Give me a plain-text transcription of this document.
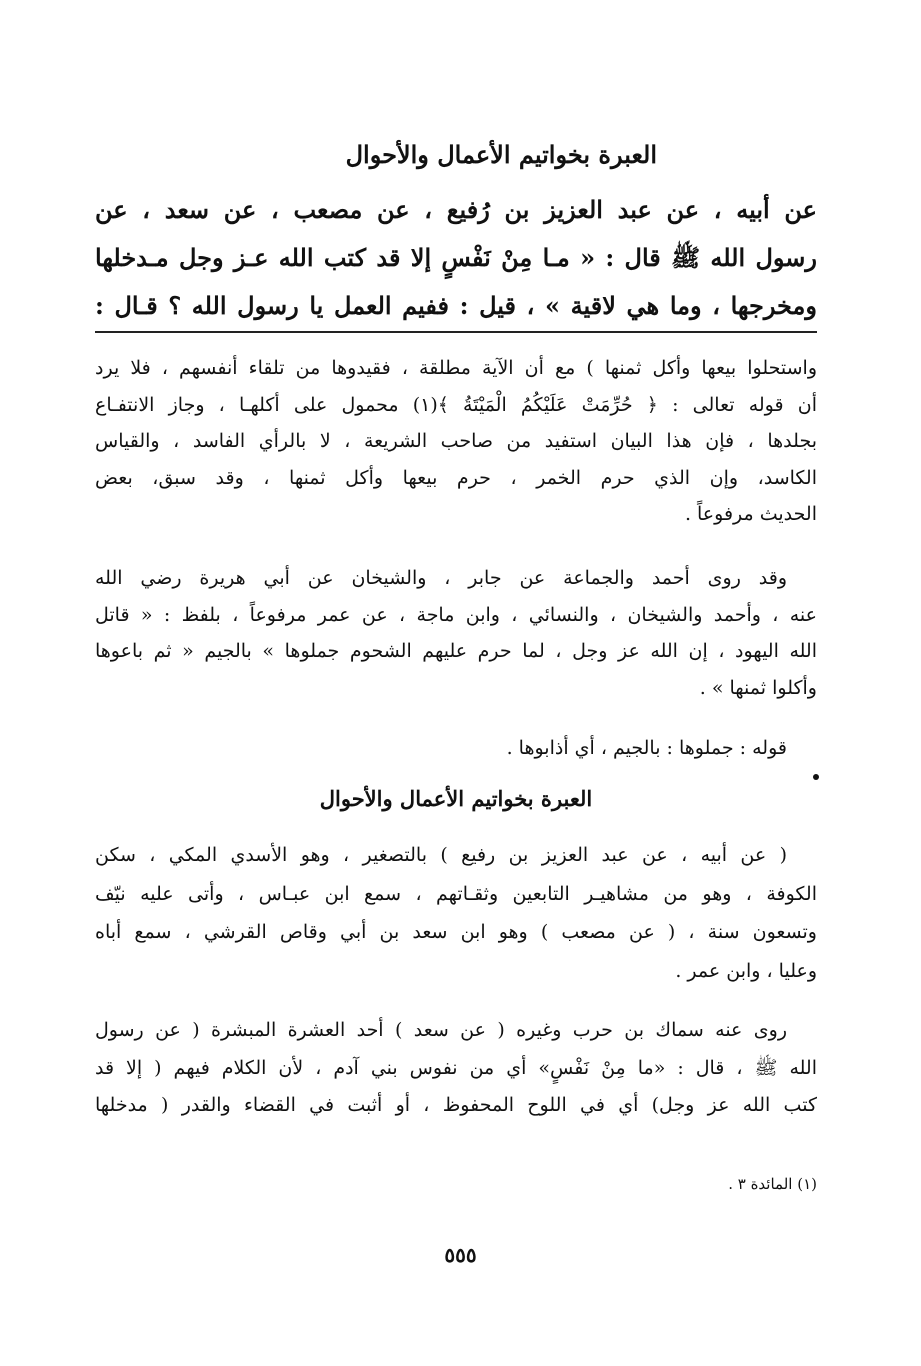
العبرة بخواتيم الأعمال والأحوال
عن أبيه ، عن عبد العزيز بن رُفيع ، عن مصعب ، عن سعد ، عن
رسول الله ﷺ قال : « مـا مِنْ نَفْسٍ إلا قد كتب الله عـز وجل مـدخلها
ومخرجها ، وما هي لاقية » ، قيل : ففيم العمل يا رسول الله ؟ قـال :
واستحلوا بيعها وأكل ثمنها ) مع أن الآية مطلقة ، فقيدوها من تلقاء أنفسهم ، فلا يرد
أن قوله تعالى : ﴿ حُرِّمَتْ عَلَيْكُمُ الْمَيْتَةُ ﴾(١) محمول على أكلهـا ، وجاز الانتفـاع
بجلدها ، فإن هذا البيان استفيد من صاحب الشريعة ، لا بالرأي الفاسد ، والقياس
الكاسد، وإن الذي حرم الخمر ، حرم بيعها وأكل ثمنها ، وقد سبق، بعض
الحديث مرفوعاً .
وقد روى أحمد والجماعة عن جابر ، والشيخان عن أبي هريرة رضي الله
عنه ، وأحمد والشيخان ، والنسائي ، وابن ماجة ، عن عمر مرفوعاً ، بلفظ : « قاتل
الله اليهود ، إن الله عز وجل ، لما حرم عليهم الشحوم جملوها » بالجيم « ثم باعوها
وأكلوا ثمنها » .
قوله : جملوها : بالجيم ، أي أذابوها .
العبرة بخواتيم الأعمال والأحوال
( عن أبيه ، عن عبد العزيز بن رفيع ) بالتصغير ، وهو الأسدي المكي ، سكن
الكوفة ، وهو من مشاهيـر التابعين وثقـاتهم ، سمع ابن عبـاس ، وأتى عليه نيّف
وتسعون سنة ، ( عن مصعب ) وهو ابن سعد بن أبي وقاص القرشي ، سمع أباه
وعليا ، وابن عمر .
روى عنه سماك بن حرب وغيره ( عن سعد ) أحد العشرة المبشرة ( عن رسول
الله ﷺ ، قال : «ما مِنْ نَفْسٍ» أي من نفوس بني آدم ، لأن الكلام فيهم ( إلا قد
كتب الله عز وجل) أي في اللوح المحفوظ ، أو أثبت في القضاء والقدر ( مدخلها
(١) المائدة ٣ .
٥٥٥
